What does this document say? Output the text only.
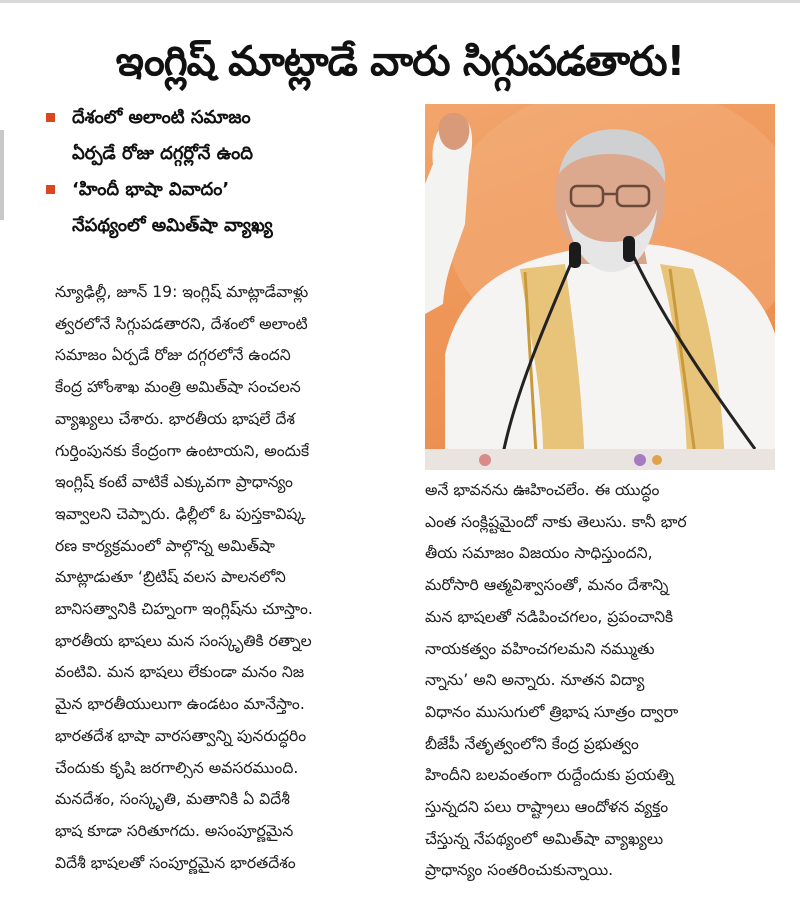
ఇంగ్లిష్ మాట్లాడే వారు సిగ్గుపడతారు!
దేశంలో అలాంటి సమాజం
ఏర్పడే రోజు దగ్గర్లోనే ఉంది
‘హిందీ భాషా వివాదం’
నేపథ్యంలో అమిత్‌షా వ్యాఖ్య
న్యూఢిల్లీ, జూన్ 19: ఇంగ్లిష్ మాట్లాడేవాళ్లు
త్వరలోనే సిగ్గుపడతారని, దేశంలో అలాంటి
సమాజం ఏర్పడే రోజు దగ్గరలోనే ఉందని
కేంద్ర హోంశాఖ మంత్రి అమిత్‌షా సంచలన
వ్యాఖ్యలు చేశారు. భారతీయ భాషలే దేశ
గుర్తింపునకు కేంద్రంగా ఉంటాయని, అందుకే
ఇంగ్లిష్ కంటే వాటికే ఎక్కువగా ప్రాధాన్యం
ఇవ్వాలని చెప్పారు. ఢిల్లీలో ఓ పుస్తకావిష్క
రణ కార్యక్రమంలో పాల్గొన్న అమిత్‌షా
మాట్లాడుతూ ‘బ్రిటిష్ వలస పాలనలోని
బానిసత్వానికి చిహ్నంగా ఇంగ్లిష్‌ను చూస్తాం.
భారతీయ భాషలు మన సంస్కృతికి రత్నాల
వంటివి. మన భాషలు లేకుండా మనం నిజ
మైన భారతీయులుగా ఉండటం మానేస్తాం.
భారతదేశ భాషా వారసత్వాన్ని పునరుద్ధరిం
చేందుకు కృషి జరగాల్సిన అవసరముంది.
మనదేశం, సంస్కృతి, మతానికి ఏ విదేశీ
భాష కూడా సరితూగదు. అసంపూర్ణమైన
విదేశీ భాషలతో సంపూర్ణమైన భారతదేశం
అనే భావనను ఊహించలేం. ఈ యుద్ధం
ఎంత సంక్లిష్టమైందో నాకు తెలుసు. కానీ భార
తీయ సమాజం విజయం సాధిస్తుందని,
మరోసారి ఆత్మవిశ్వాసంతో, మనం దేశాన్ని
మన భాషలతో నడిపించగలం, ప్రపంచానికి
నాయకత్వం వహించగలమని నమ్ముతు
న్నాను’ అని అన్నారు. నూతన విద్యా
విధానం ముసుగులో త్రిభాష సూత్రం ద్వారా
బీజేపీ నేతృత్వంలోని కేంద్ర ప్రభుత్వం
హిందీని బలవంతంగా రుద్దేందుకు ప్రయత్ని
స్తున్నదని పలు రాష్ట్రాలు ఆందోళన వ్యక్తం
చేస్తున్న నేపథ్యంలో అమిత్‌షా వ్యాఖ్యలు
ప్రాధాన్యం సంతరించుకున్నాయి.
